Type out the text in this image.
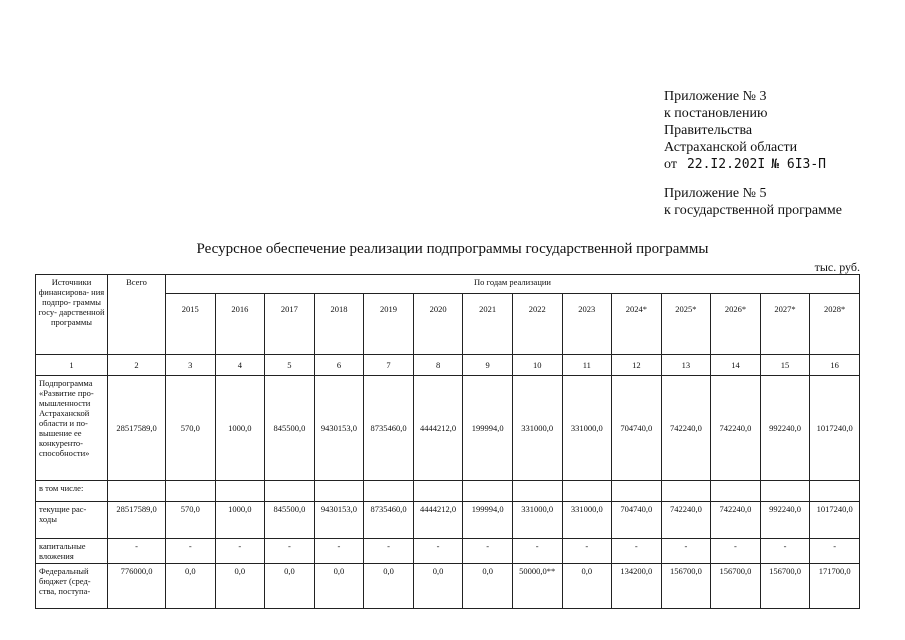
Приложение № 3
к постановлению
Правительства
Астраханской области
от 22.I2.202I № 6I3-П
Приложение № 5
к государственной программе
Ресурсное обеспечение реализации подпрограммы государственной программы
тыс. руб.
Источники финансирова- ния подпро- граммы госу- дарственной программы	Всего	По годам реализации													
		2015	2016	2017	2018	2019	2020	2021	2022	2023	2024*	2025*	2026*	2027*	2028*
1	2	3	4	5	6	7	8	9	10	11	12	13	14	15	16
Подпрограмма «Развитие про- мышленности Астраханской области и по- вышение ее конкуренто- способности»	28517589,0	570,0	1000,0	845500,0	9430153,0	8735460,0	4444212,0	199994,0	331000,0	331000,0	704740,0	742240,0	742240,0	992240,0	1017240,0
в том числе:															
текущие рас- ходы	28517589,0	570,0	1000,0	845500,0	9430153,0	8735460,0	4444212,0	199994,0	331000,0	331000,0	704740,0	742240,0	742240,0	992240,0	1017240,0
капитальные вложения	-	-	-	-	-	-	-	-	-	-	-	-	-	-	-
Федеральный бюджет (сред- ства, поступа-	776000,0	0,0	0,0	0,0	0,0	0,0	0,0	0,0	50000,0**	0,0	134200,0	156700,0	156700,0	156700,0	171700,0
